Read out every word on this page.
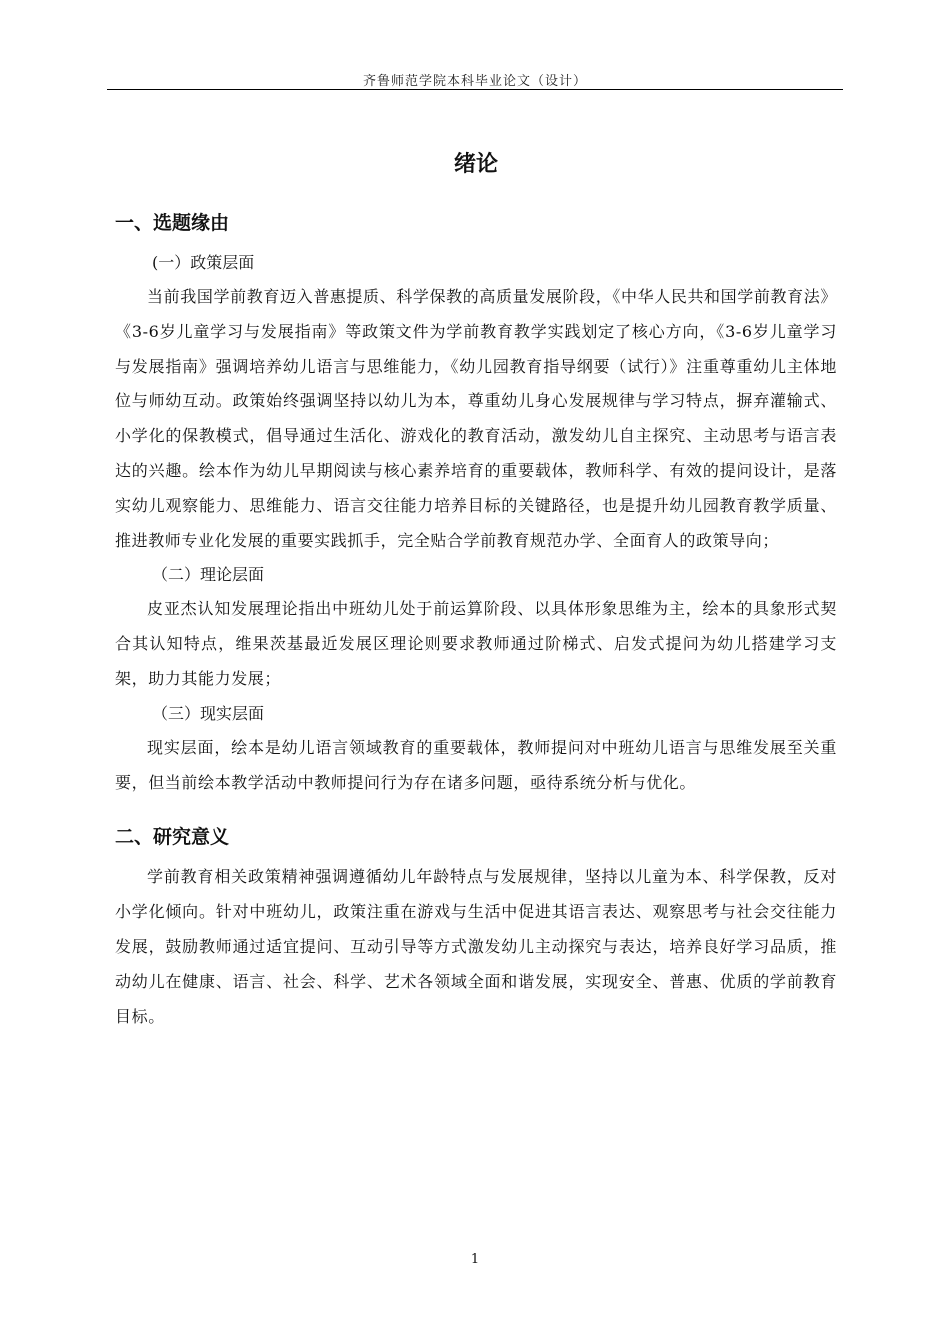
齐鲁师范学院本科毕业论文（设计）
绪论
一、选题缘由
(一）政策层面

当前我国学前教育迈入普惠提质、科学保教的高质量发展阶段，《中华人民共和国学前教育法》《3-6岁儿童学习与发展指南》等政策文件为学前教育教学实践划定了核心方向，《3-6岁儿童学习与发展指南》强调培养幼儿语言与思维能力，《幼儿园教育指导纲要（试行）》注重尊重幼儿主体地位与师幼互动。政策始终强调坚持以幼儿为本，尊重幼儿身心发展规律与学习特点，摒弃灌输式、小学化的保教模式，倡导通过生活化、游戏化的教育活动，激发幼儿自主探究、主动思考与语言表达的兴趣。绘本作为幼儿早期阅读与核心素养培育的重要载体，教师科学、有效的提问设计，是落实幼儿观察能力、思维能力、语言交往能力培养目标的关键路径，也是提升幼儿园教育教学质量、推进教师专业化发展的重要实践抓手，完全贴合学前教育规范办学、全面育人的政策导向；

（二）理论层面

皮亚杰认知发展理论指出中班幼儿处于前运算阶段、以具体形象思维为主，绘本的具象形式契合其认知特点，维果茨基最近发展区理论则要求教师通过阶梯式、启发式提问为幼儿搭建学习支架，助力其能力发展；

（三）现实层面

现实层面，绘本是幼儿语言领域教育的重要载体，教师提问对中班幼儿语言与思维发展至关重要，但当前绘本教学活动中教师提问行为存在诸多问题，亟待系统分析与优化。

二、研究意义

学前教育相关政策精神强调遵循幼儿年龄特点与发展规律，坚持以儿童为本、科学保教，反对小学化倾向。针对中班幼儿，政策注重在游戏与生活中促进其语言表达、观察思考与社会交往能力发展，鼓励教师通过适宜提问、互动引导等方式激发幼儿主动探究与表达，培养良好学习品质，推动幼儿在健康、语言、社会、科学、艺术各领域全面和谐发展，实现安全、普惠、优质的学前教育目标。

1
